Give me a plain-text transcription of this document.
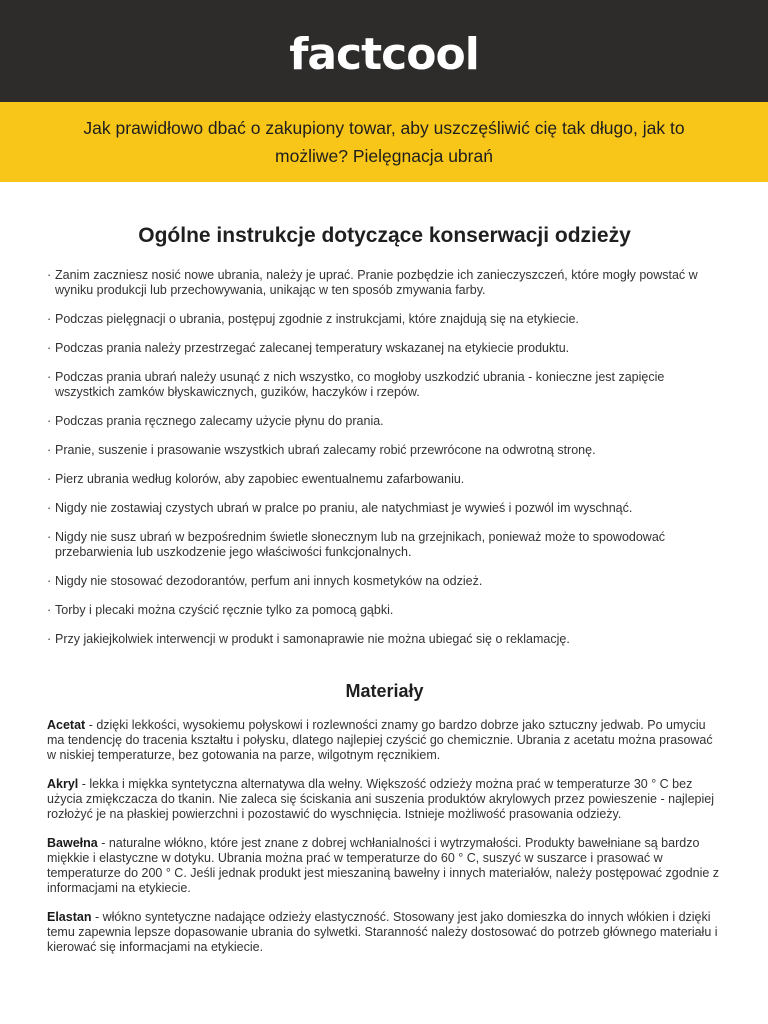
factcool
Jak prawidłowo dbać o zakupiony towar, aby uszczęśliwić cię tak długo, jak to możliwe? Pielęgnacja ubrań
Ogólne instrukcje dotyczące konserwacji odzieży
· Zanim zaczniesz nosić nowe ubrania, należy je uprać. Pranie pozbędzie ich zanieczyszczeń, które mogły powstać w wyniku produkcji lub przechowywania, unikając w ten sposób zmywania farby.
· Podczas pielęgnacji o ubrania, postępuj zgodnie z instrukcjami, które znajdują się na etykiecie.
· Podczas prania należy przestrzegać zalecanej temperatury wskazanej na etykiecie produktu.
· Podczas prania ubrań należy usunąć z nich wszystko, co mogłoby uszkodzić ubrania - konieczne jest zapięcie wszystkich zamków błyskawicznych, guzików, haczyków i rzepów.
· Podczas prania ręcznego zalecamy użycie płynu do prania.
· Pranie, suszenie i prasowanie wszystkich ubrań zalecamy robić przewrócone na odwrotną stronę.
· Pierz ubrania według kolorów, aby zapobiec ewentualnemu zafarbowaniu.
· Nigdy nie zostawiaj czystych ubrań w pralce po praniu, ale natychmiast je wywieś i pozwól im wyschnąć.
· Nigdy nie susz ubrań w bezpośrednim świetle słonecznym lub na grzejnikach, ponieważ może to spowodować przebarwienia lub uszkodzenie jego właściwości funkcjonalnych.
· Nigdy nie stosować dezodorantów, perfum ani innych kosmetyków na odzież.
· Torby i plecaki można czyścić ręcznie tylko za pomocą gąbki.
· Przy jakiejkolwiek interwencji w produkt i samonaprawie nie można ubiegać się o reklamację.
Materiały

Acetat - dzięki lekkości, wysokiemu połyskowi i rozlewności znamy go bardzo dobrze jako sztuczny jedwab. Po umyciu ma tendencję do tracenia kształtu i połysku, dlatego najlepiej czyścić go chemicznie. Ubrania z acetatu można prasować w niskiej temperaturze, bez gotowania na parze, wilgotnym ręcznikiem.

Akryl - lekka i miękka syntetyczna alternatywa dla wełny. Większość odzieży można prać w temperaturze 30 ° C bez użycia zmiękczacza do tkanin. Nie zaleca się ściskania ani suszenia produktów akrylowych przez powieszenie - najlepiej rozłożyć je na płaskiej powierzchni i pozostawić do wyschnięcia. Istnieje możliwość prasowania odzieży.

Bawełna - naturalne włókno, które jest znane z dobrej wchłanialności i wytrzymałości. Produkty bawełniane są bardzo miękkie i elastyczne w dotyku. Ubrania można prać w temperaturze do 60 ° C, suszyć w suszarce i prasować w temperaturze do 200 ° C. Jeśli jednak produkt jest mieszaniną bawełny i innych materiałów, należy postępować zgodnie z informacjami na etykiecie.

Elastan - włókno syntetyczne nadające odzieży elastyczność. Stosowany jest jako domieszka do innych włókien i dzięki temu zapewnia lepsze dopasowanie ubrania do sylwetki. Staranność należy dostosować do potrzeb głównego materiału i kierować się informacjami na etykiecie.
